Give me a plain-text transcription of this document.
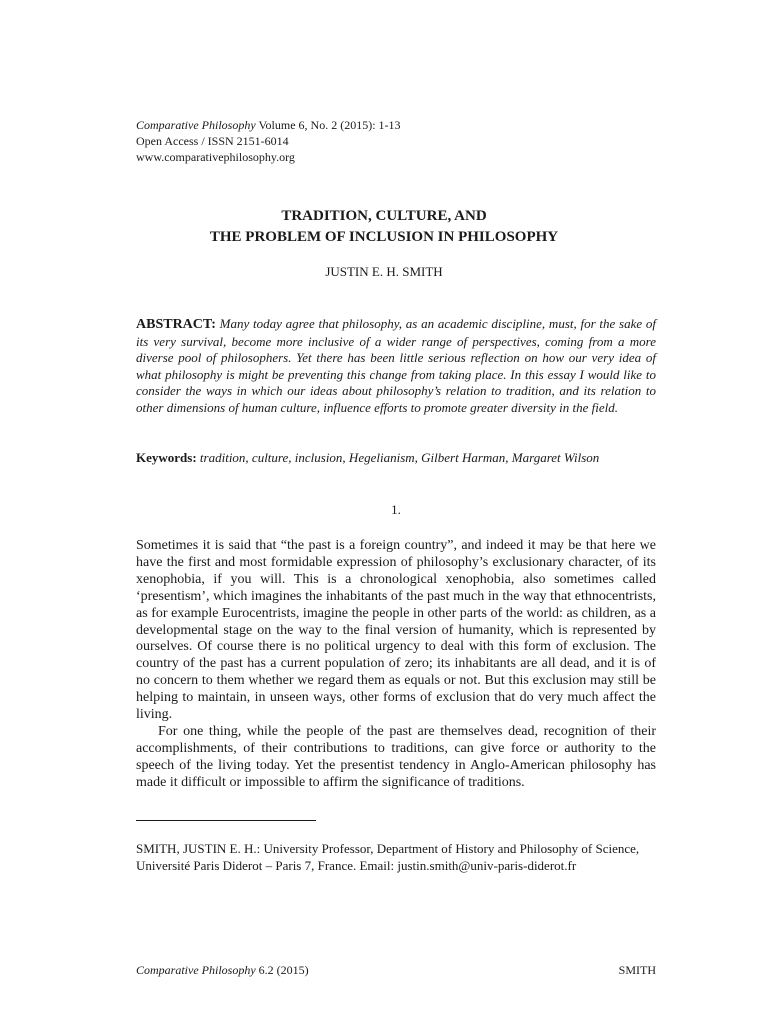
Comparative Philosophy Volume 6, No. 2 (2015): 1-13
Open Access / ISSN 2151-6014
www.comparativephilosophy.org
TRADITION, CULTURE, AND
THE PROBLEM OF INCLUSION IN PHILOSOPHY
JUSTIN E. H. SMITH
ABSTRACT: Many today agree that philosophy, as an academic discipline, must, for the sake of its very survival, become more inclusive of a wider range of perspectives, coming from a more diverse pool of philosophers. Yet there has been little serious reflection on how our very idea of what philosophy is might be preventing this change from taking place. In this essay I would like to consider the ways in which our ideas about philosophy’s relation to tradition, and its relation to other dimensions of human culture, influence efforts to promote greater diversity in the field.
Keywords: tradition, culture, inclusion, Hegelianism, Gilbert Harman, Margaret Wilson
1.

Sometimes it is said that “the past is a foreign country”, and indeed it may be that here we have the first and most formidable expression of philosophy’s exclusionary character, of its xenophobia, if you will. This is a chronological xenophobia, also sometimes called ‘presentism’, which imagines the inhabitants of the past much in the way that ethnocentrists, as for example Eurocentrists, imagine the people in other parts of the world: as children, as a developmental stage on the way to the final version of humanity, which is represented by ourselves. Of course there is no political urgency to deal with this form of exclusion. The country of the past has a current population of zero; its inhabitants are all dead, and it is of no concern to them whether we regard them as equals or not. But this exclusion may still be helping to maintain, in unseen ways, other forms of exclusion that do very much affect the living.

For one thing, while the people of the past are themselves dead, recognition of their accomplishments, of their contributions to traditions, can give force or authority to the speech of the living today. Yet the presentist tendency in Anglo-American philosophy has made it difficult or impossible to affirm the significance of traditions.

SMITH, JUSTIN E. H.: University Professor, Department of History and Philosophy of Science, Université Paris Diderot – Paris 7, France. Email: justin.smith@univ-paris-diderot.fr
Comparative Philosophy 6.2 (2015)	SMITH
